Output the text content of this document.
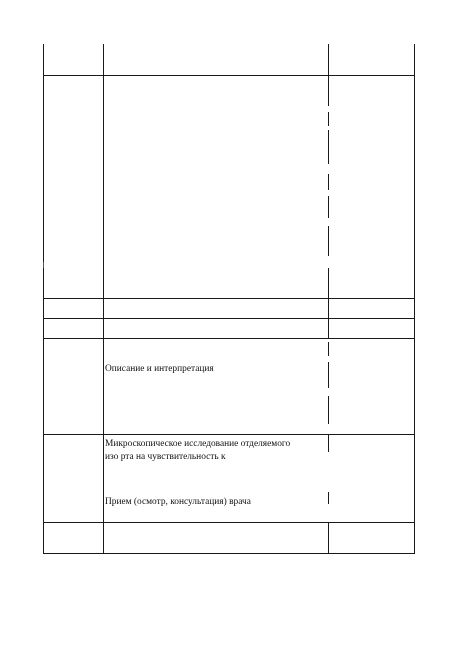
Описание и интерпретация
Микроскопическое исследование отделяемого
изо рта на чувствительность к
Прием (осмотр, консультация) врача
